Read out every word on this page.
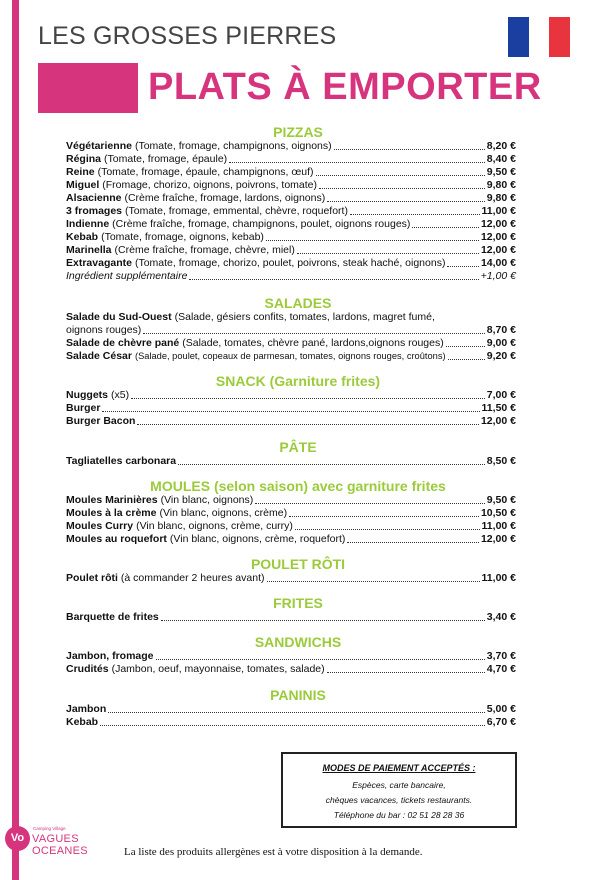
LES GROSSES PIERRES
PLATS À EMPORTER
PIZZAS
Végétarienne (Tomate, fromage, champignons, oignons)	8,20 €
Régina (Tomate, fromage, épaule)	8,40 €
Reine (Tomate, fromage, épaule, champignons, œuf)	9,50 €
Miguel (Fromage, chorizo, oignons, poivrons, tomate)	9,80 €
Alsacienne (Crème fraîche, fromage, lardons, oignons)	9,80 €
3 fromages (Tomate, fromage, emmental, chèvre, roquefort)	11,00 €
Indienne (Crème fraîche, fromage, champignons, poulet, oignons rouges)	12,00 €
Kebab (Tomate, fromage, oignons, kebab)	12,00 €
Marinella (Crème fraîche, fromage, chèvre, miel)	12,00 €
Extravagante (Tomate, fromage, chorizo, poulet, poivrons, steak haché, oignons)	14,00 €
Ingrédient supplémentaire	+1,00 €
SALADES
Salade du Sud-Ouest (Salade, gésiers confits, tomates, lardons, magret fumé,
oignons rouges)	8,70 €
Salade de chèvre pané (Salade, tomates, chèvre pané, lardons,oignons rouges)	9,00 €
Salade César (Salade, poulet, copeaux de parmesan, tomates, oignons rouges, croûtons)	9,20 €
SNACK (Garniture frites)
Nuggets (x5)	7,00 €
Burger	11,50 €
Burger Bacon	12,00 €
PÂTE
Tagliatelles carbonara	8,50 €
MOULES (selon saison) avec garniture frites
Moules Marinières (Vin blanc, oignons)	9,50 €
Moules à la crème (Vin blanc, oignons, crème)	10,50 €
Moules Curry (Vin blanc, oignons, crème, curry)	11,00 €
Moules au roquefort (Vin blanc, oignons, crème, roquefort)	12,00 €
POULET RÔTI
Poulet rôti (à commander 2 heures avant)	11,00 €
FRITES
Barquette de frites	3,40 €
SANDWICHS
Jambon, fromage	3,70 €
Crudités (Jambon, oeuf, mayonnaise, tomates, salade)	4,70 €
PANINIS
Jambon	5,00 €
Kebab	6,70 €
MODES DE PAIEMENT ACCEPTÉS :
Espèces, carte bancaire,
chèques vacances, tickets restaurants.
Téléphone du bar : 02 51 28 28 36
Vo
Camping Village
VAGUES
OCEANES	La liste des produits allergènes est à votre disposition à la demande.
